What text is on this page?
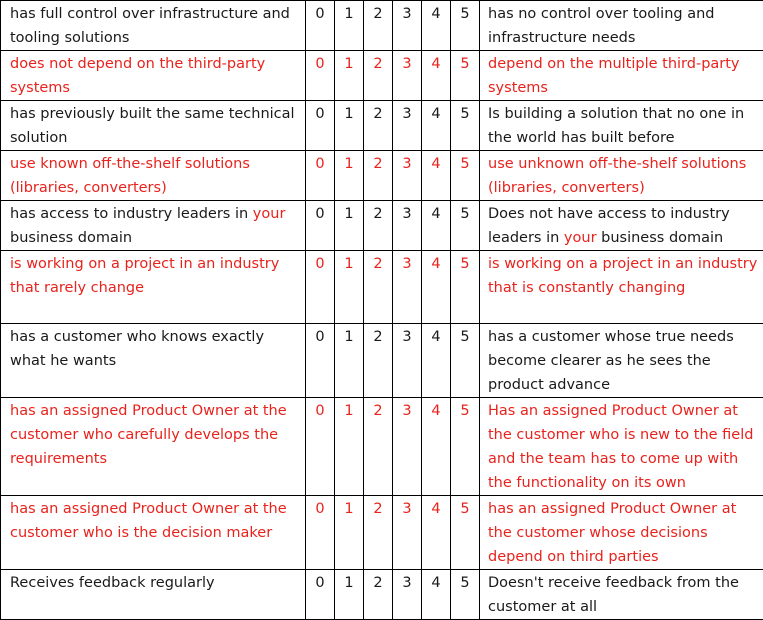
has full control over infrastructure and tooling solutions	0	1	2	3	4	5	has no control over tooling and infrastructure needs
does not depend on the third-party systems	0	1	2	3	4	5	depend on the multiple third-party systems
has previously built the same technical solution	0	1	2	3	4	5	Is building a solution that no one in the world has built before
use known off-the-shelf solutions (libraries, converters)	0	1	2	3	4	5	use unknown off-the-shelf solutions (libraries, converters)
has access to industry leaders in your business domain	0	1	2	3	4	5	Does not have access to industry leaders in your business domain
is working on a project in an industry that rarely change	0	1	2	3	4	5	is working on a project in an industry that is constantly changing
has a customer who knows exactly what he wants	0	1	2	3	4	5	has a customer whose true needs become clearer as he sees the product advance
has an assigned Product Owner at the customer who carefully develops the requirements	0	1	2	3	4	5	Has an assigned Product Owner at the customer who is new to the field and the team has to come up with the functionality on its own
has an assigned Product Owner at the customer who is the decision maker	0	1	2	3	4	5	has an assigned Product Owner at the customer whose decisions depend on third parties
Receives feedback regularly	0	1	2	3	4	5	Doesn't receive feedback from the customer at all
